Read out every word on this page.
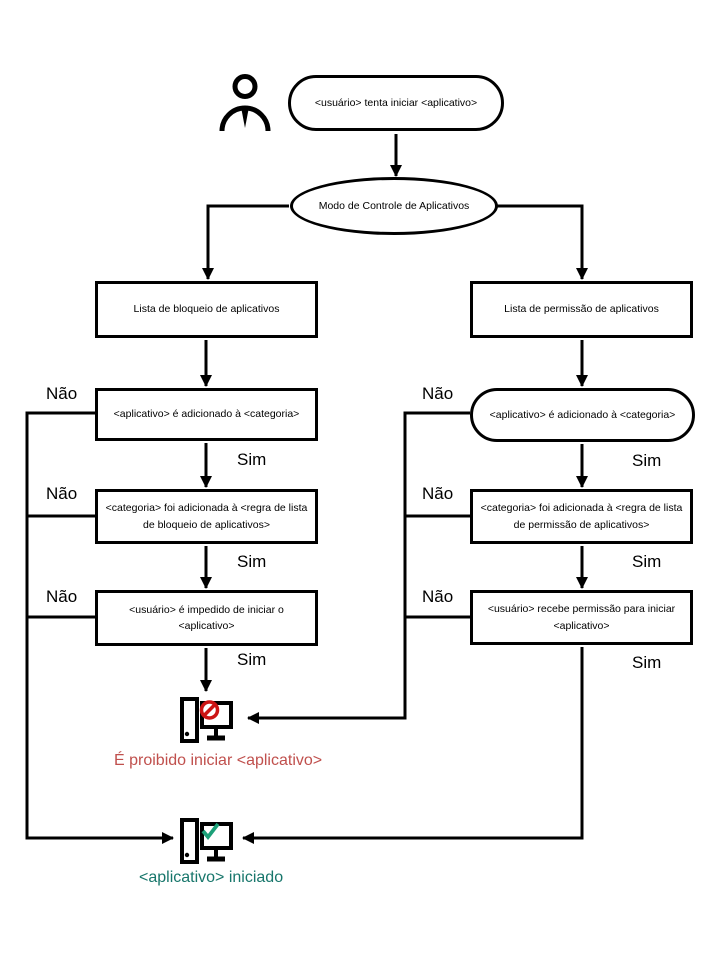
<usuário> tenta iniciar <aplicativo>
Modo de Controle de Aplicativos
Lista de bloqueio de aplicativos	Lista de permissão de aplicativos
<aplicativo> é adicionado à <categoria>	<aplicativo> é adicionado à <categoria>
<categoria> foi adicionada à <regra de lista de bloqueio de aplicativos>
<categoria> foi adicionada à <regra de lista de permissão de aplicativos>
<usuário> é impedido de iniciar o <aplicativo>
<usuário> recebe permissão para iniciar <aplicativo>
Não
Não
Não
Não
Não
Não
Sim
Sim
Sim
Sim
Sim
Sim
É proibido iniciar <aplicativo>
<aplicativo> iniciado
